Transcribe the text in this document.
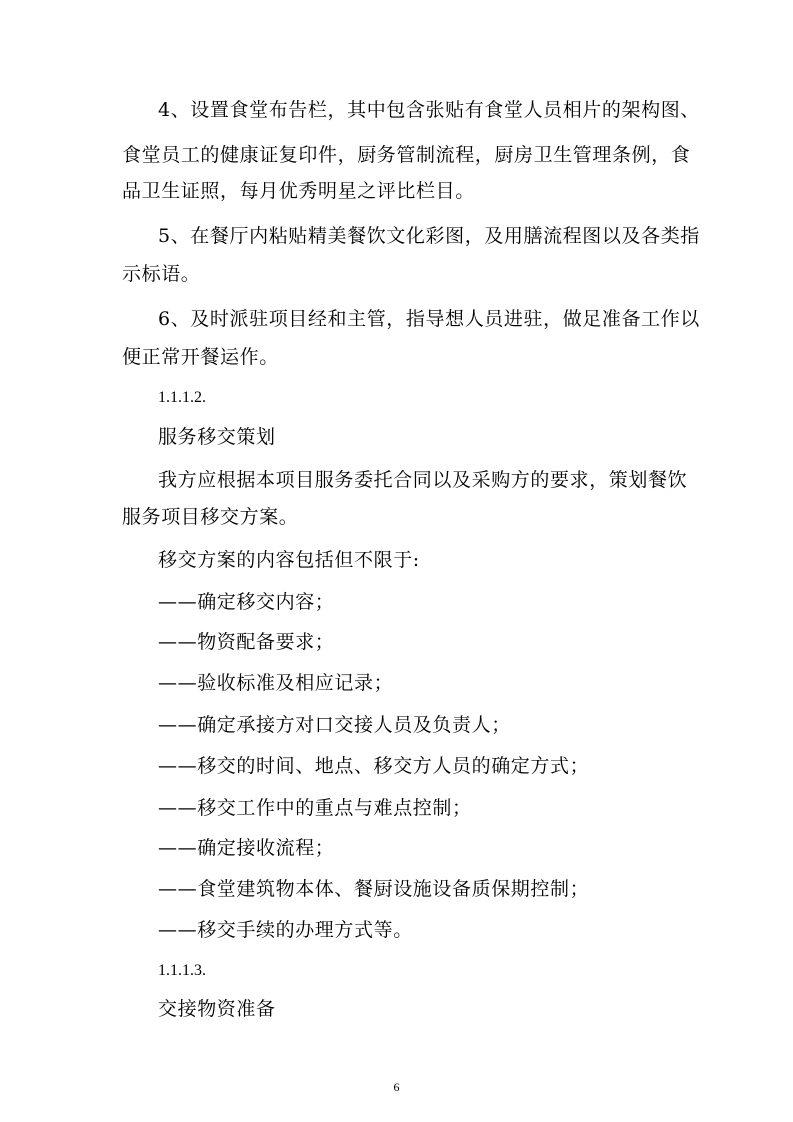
4、设置食堂布告栏，其中包含张贴有食堂人员相片的架构图、
食堂员工的健康证复印件，厨务管制流程，厨房卫生管理条例，食
品卫生证照，每月优秀明星之评比栏目。
5、在餐厅内粘贴精美餐饮文化彩图，及用膳流程图以及各类指
示标语。
6、及时派驻项目经和主管，指导想人员进驻，做足准备工作以
便正常开餐运作。
1.1.1.2.
服务移交策划
我方应根据本项目服务委托合同以及采购方的要求，策划餐饮
服务项目移交方案。
移交方案的内容包括但不限于:
——确定移交内容；
——物资配备要求；
——验收标准及相应记录；
——确定承接方对口交接人员及负责人；
——移交的时间、地点、移交方人员的确定方式；
——移交工作中的重点与难点控制；
——确定接收流程；
——食堂建筑物本体、餐厨设施设备质保期控制；
——移交手续的办理方式等。
1.1.1.3.
交接物资准备
6
